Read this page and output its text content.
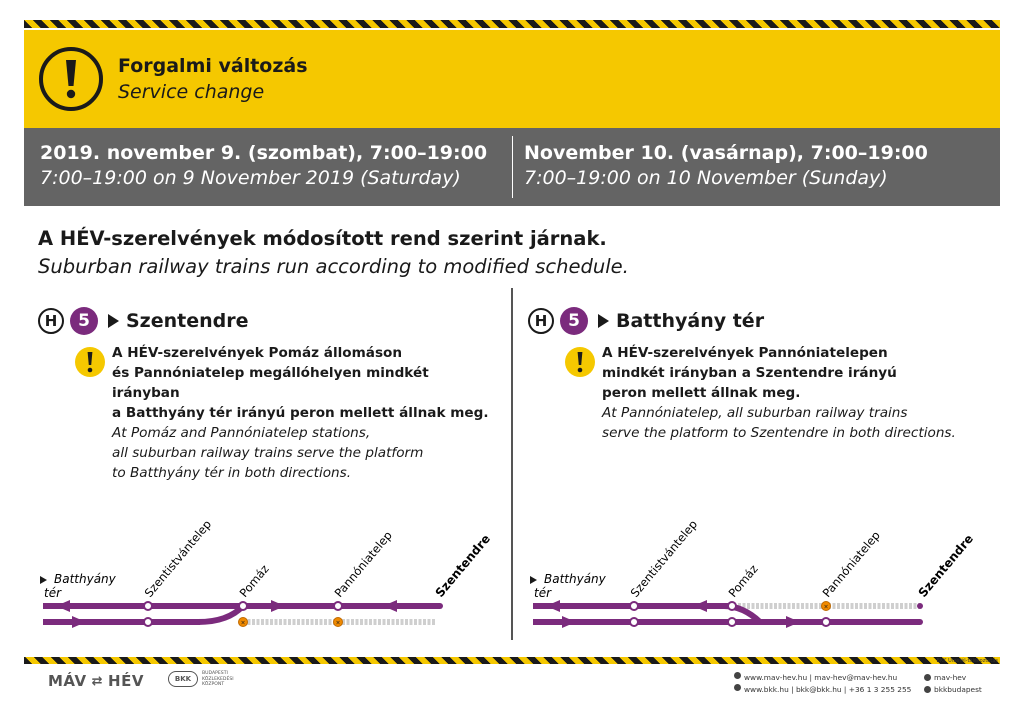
Forgalmi változás
Service change
2019. november 9. (szombat), 7:00–19:00
7:00–19:00 on 9 November 2019 (Saturday)
November 10. (vasárnap), 7:00–19:00
7:00–19:00 on 10 November (Sunday)
A HÉV-szerelvények módosított rend szerint járnak.
Suburban railway trains run according to modified schedule.
H	5	Szentendre
A HÉV-szerelvények Pomáz állomáson
és Pannóniatelep megállóhelyen mindkét irányban
a Batthyány tér irányú peron mellett állnak meg.
At Pomáz and Pannóniatelep stations,
all suburban railway trains serve the platform
to Batthyány tér in both directions.
Batthyány
tér
×	×
Szentistvántelep Pomáz	Pannóniatelep	Szentendre
H	5	Batthyány tér
A HÉV-szerelvények Pannóniatelepen
mindkét irányban a Szentendre irányú
peron mellett állnak meg.
At Pannóniatelep, all suburban railway trains
serve the platform to Szentendre in both directions.
Batthyány
tér
×
Szentistvántelep Pomáz	Pannóniatelep	Szentendre
BKK Utasfél-tájékoztatás
MÁV ⇄ HÉV	BKK
BUDAPESTI
KÖZLEKEDÉSI
KÖZPONT
www.mav-hev.hu | mav-hev@mav-hev.hu
www.bkk.hu | bkk@bkk.hu | +36 1 3 255 255
mav-hev
bkkbudapest
